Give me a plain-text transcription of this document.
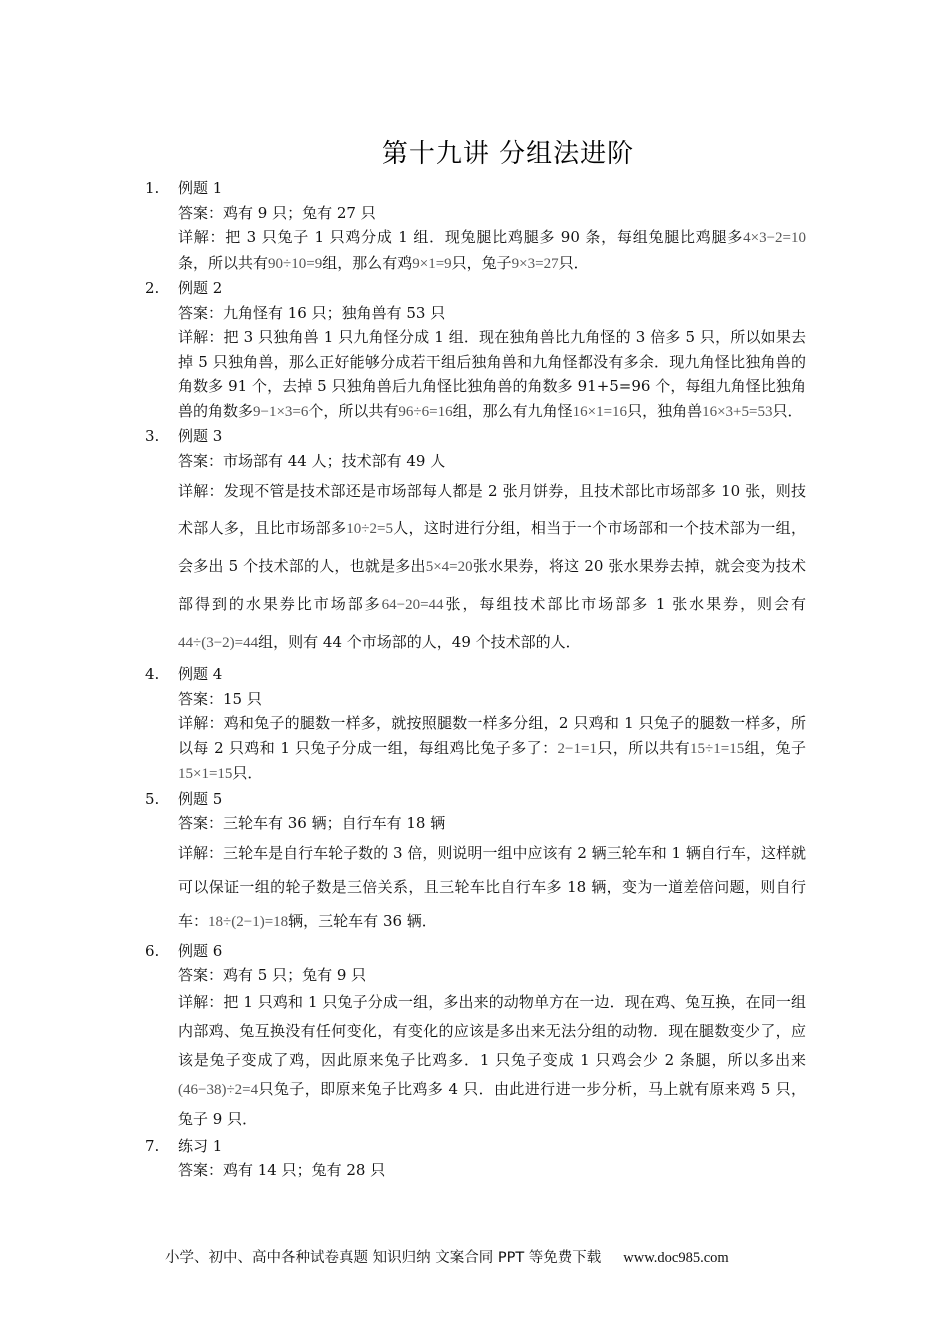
第十九讲 分组法进阶
1. 例题 1
答案：鸡有 9 只；兔有 27 只
详解：把 3 只兔子 1 只鸡分成 1 组．现兔腿比鸡腿多 90 条，每组兔腿比鸡腿多4×3−2=10条，所以共有90÷10=9组，那么有鸡9×1=9只，兔子9×3=27只．
2. 例题 2
答案：九角怪有 16 只；独角兽有 53 只
详解：把 3 只独角兽 1 只九角怪分成 1 组．现在独角兽比九角怪的 3 倍多 5 只，所以如果去掉 5 只独角兽，那么正好能够分成若干组后独角兽和九角怪都没有多余．现九角怪比独角兽的角数多 91 个，去掉 5 只独角兽后九角怪比独角兽的角数多 91+5=96 个，每组九角怪比独角兽的角数多9−1×3=6个，所以共有96÷6=16组，那么有九角怪16×1=16只，独角兽16×3+5=53只．
3. 例题 3
答案：市场部有 44 人；技术部有 49 人
详解：发现不管是技术部还是市场部每人都是 2 张月饼券，且技术部比市场部多 10 张，则技术部人多，且比市场部多10÷2=5人，这时进行分组，相当于一个市场部和一个技术部为一组，会多出 5 个技术部的人，也就是多出5×4=20张水果券，将这 20 张水果券去掉，就会变为技术部得到的水果券比市场部多64−20=44张，每组技术部比市场部多 1 张水果券，则会有44÷(3−2)=44组，则有 44 个市场部的人，49 个技术部的人．
4. 例题 4
答案：15 只
详解：鸡和兔子的腿数一样多，就按照腿数一样多分组，2 只鸡和 1 只兔子的腿数一样多，所以每 2 只鸡和 1 只兔子分成一组，每组鸡比兔子多了：2−1=1只，所以共有15÷1=15组，兔子15×1=15只．
5. 例题 5
答案：三轮车有 36 辆；自行车有 18 辆
详解：三轮车是自行车轮子数的 3 倍，则说明一组中应该有 2 辆三轮车和 1 辆自行车，这样就可以保证一组的轮子数是三倍关系，且三轮车比自行车多 18 辆，变为一道差倍问题，则自行车：18÷(2−1)=18辆，三轮车有 36 辆．
6. 例题 6
答案：鸡有 5 只；兔有 9 只
详解：把 1 只鸡和 1 只兔子分成一组，多出来的动物单方在一边．现在鸡、兔互换，在同一组内部鸡、兔互换没有任何变化，有变化的应该是多出来无法分组的动物．现在腿数变少了，应该是兔子变成了鸡，因此原来兔子比鸡多．1 只兔子变成 1 只鸡会少 2 条腿，所以多出来(46−38)÷2=4只兔子，即原来兔子比鸡多 4 只．由此进行进一步分析，马上就有原来鸡 5 只，兔子 9 只．
7. 练习 1
答案：鸡有 14 只；兔有 28 只
小学、初中、高中各种试卷真题 知识归纳 文案合同 PPT 等免费下载 www.doc985.com
